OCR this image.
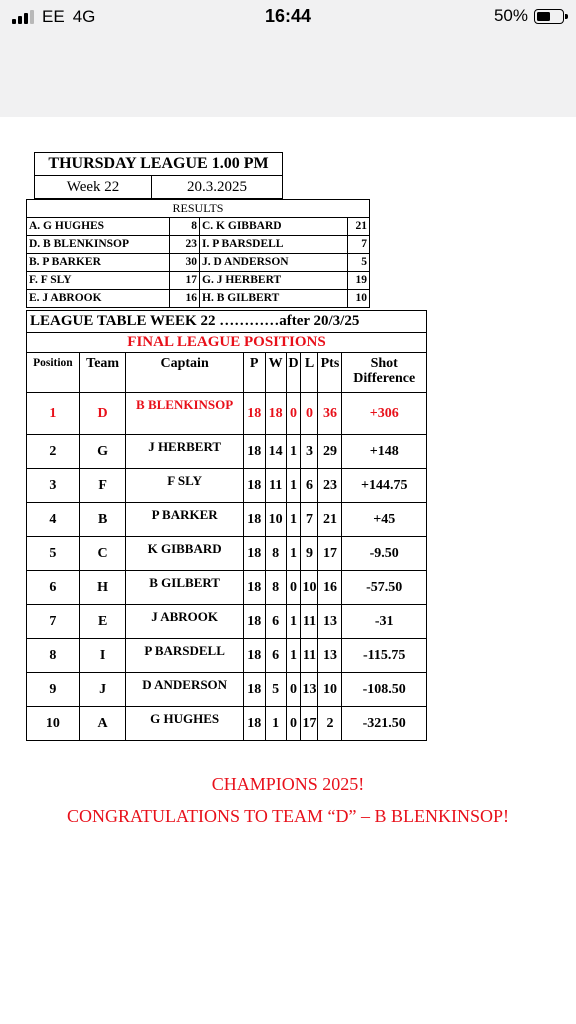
EE 4G	16:44	50%
THURSDAY LEAGUE 1.00 PM
Week 22	20.3.2025
RESULTS			
A. G HUGHES	8	C. K GIBBARD	21
D. B BLENKINSOP	23	I. P BARSDELL	7
B. P BARKER	30	J. D ANDERSON	5
F. F SLY	17	G. J HERBERT	19
E. J ABROOK	16	H. B GILBERT	10
LEAGUE TABLE WEEK 22 …………after 20/3/25								
FINAL LEAGUE POSITIONS								
Position	Team	Captain	P	W	D	L	Pts	Shot Difference
1	D	B BLENKINSOP	18	18	0	0	36	+306
2	G	J HERBERT	18	14	1	3	29	+148
3	F	F SLY	18	11	1	6	23	+144.75
4	B	P BARKER	18	10	1	7	21	+45
5	C	K GIBBARD	18	8	1	9	17	-9.50
6	H	B GILBERT	18	8	0	10	16	-57.50
7	E	J ABROOK	18	6	1	11	13	-31
8	I	P BARSDELL	18	6	1	11	13	-115.75
9	J	D ANDERSON	18	5	0	13	10	-108.50
10	A	G HUGHES	18	1	0	17	2	-321.50
CHAMPIONS 2025!
CONGRATULATIONS TO TEAM “D” – B BLENKINSOP!
